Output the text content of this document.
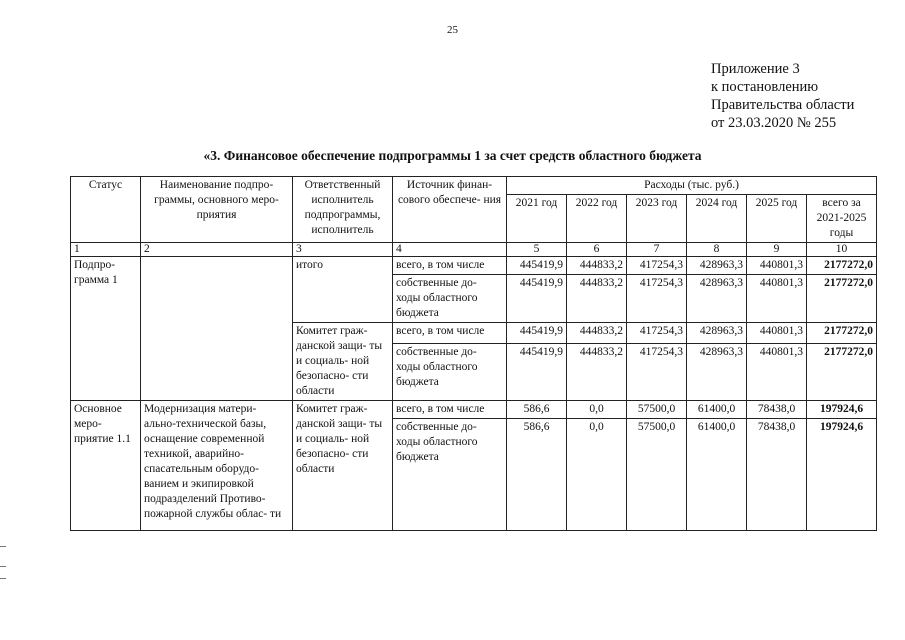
25
Приложение 3
к постановлению
Правительства области
от 23.03.2020 № 255
«3. Финансовое обеспечение подпрограммы 1 за счет средств областного бюджета
Статус	Наименование подпро- граммы, основного меро- приятия	Ответственный исполнитель подпрограммы, исполнитель	Источник финан- сового обеспече- ния	Расходы (тыс. руб.)					
				2021 год	2022 год	2023 год	2024 год	2025 год	всего за 2021-2025 годы
1	2	3	4	5	6	7	8	9	10
Подпро- грамма 1		итого	всего, в том числе	445419,9	444833,2	417254,3	428963,3	440801,3	2177272,0
			собственные до- ходы областного бюджета	445419,9	444833,2	417254,3	428963,3	440801,3	2177272,0
		Комитет граж- данской защи- ты и социаль- ной безопасно- сти области	всего, в том числе	445419,9	444833,2	417254,3	428963,3	440801,3	2177272,0
			собственные до- ходы областного бюджета	445419,9	444833,2	417254,3	428963,3	440801,3	2177272,0
Основное меро- приятие 1.1	Модернизация матери- ально-технической базы, оснащение современной техникой, аварийно- спасательным оборудо- ванием и экипировкой подразделений Противо- пожарной службы облас- ти	Комитет граж- данской защи- ты и социаль- ной безопасно- сти области	всего, в том числе	586,6	0,0	57500,0	61400,0	78438,0	197924,6
			собственные до- ходы областного бюджета	586,6	0,0	57500,0	61400,0	78438,0	197924,6
